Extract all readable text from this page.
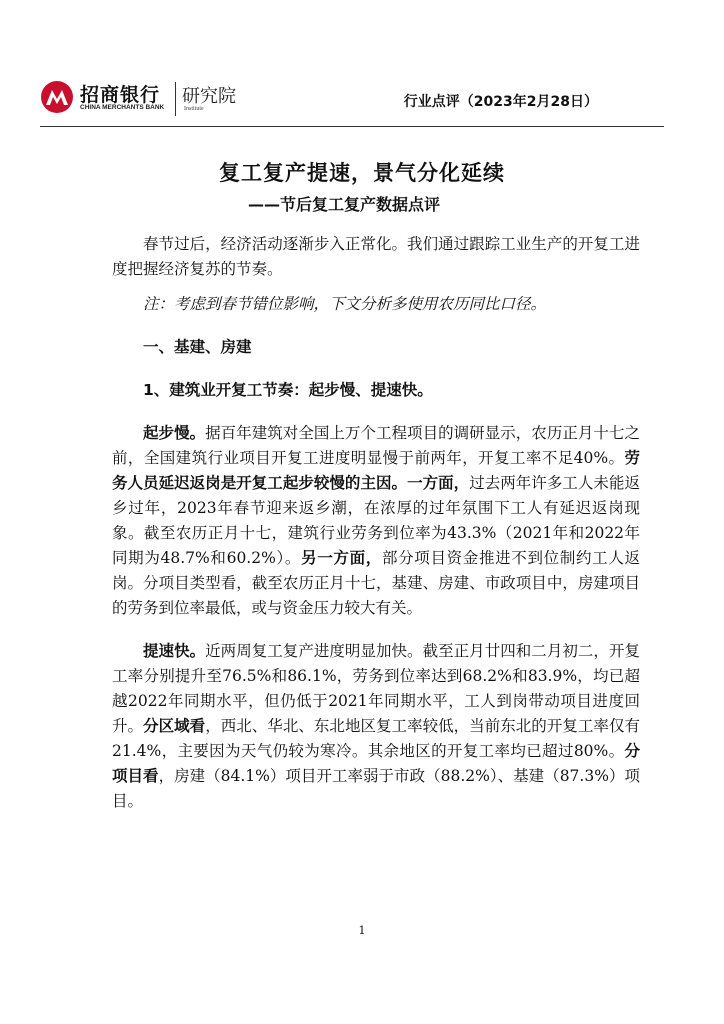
招商银行
CHINA MERCHANTS BANK
研究院
Institute	行业点评（2023年2月28日）
复工复产提速，景气分化延续
——节后复工复产数据点评

春节过后，经济活动逐渐步入正常化。我们通过跟踪工业生产的开复工进度把握经济复苏的节奏。

注：考虑到春节错位影响，下文分析多使用农历同比口径。

一、基建、房建

1、建筑业开复工节奏：起步慢、提速快。

起步慢。据百年建筑对全国上万个工程项目的调研显示，农历正月十七之前，全国建筑行业项目开复工进度明显慢于前两年，开复工率不足40%。劳务人员延迟返岗是开复工起步较慢的主因。一方面，过去两年许多工人未能返乡过年，2023年春节迎来返乡潮，在浓厚的过年氛围下工人有延迟返岗现象。截至农历正月十七，建筑行业劳务到位率为43.3%（2021年和2022年同期为48.7%和60.2%）。另一方面，部分项目资金推进不到位制约工人返岗。分项目类型看，截至农历正月十七，基建、房建、市政项目中，房建项目的劳务到位率最低，或与资金压力较大有关。

提速快。近两周复工复产进度明显加快。截至正月廿四和二月初二，开复工率分别提升至76.5%和86.1%，劳务到位率达到68.2%和83.9%，均已超越2022年同期水平，但仍低于2021年同期水平，工人到岗带动项目进度回升。分区域看，西北、华北、东北地区复工率较低，当前东北的开复工率仅有21.4%，主要因为天气仍较为寒冷。其余地区的开复工率均已超过80%。分项目看，房建（84.1%）项目开工率弱于市政（88.2%）、基建（87.3%）项目。

1
